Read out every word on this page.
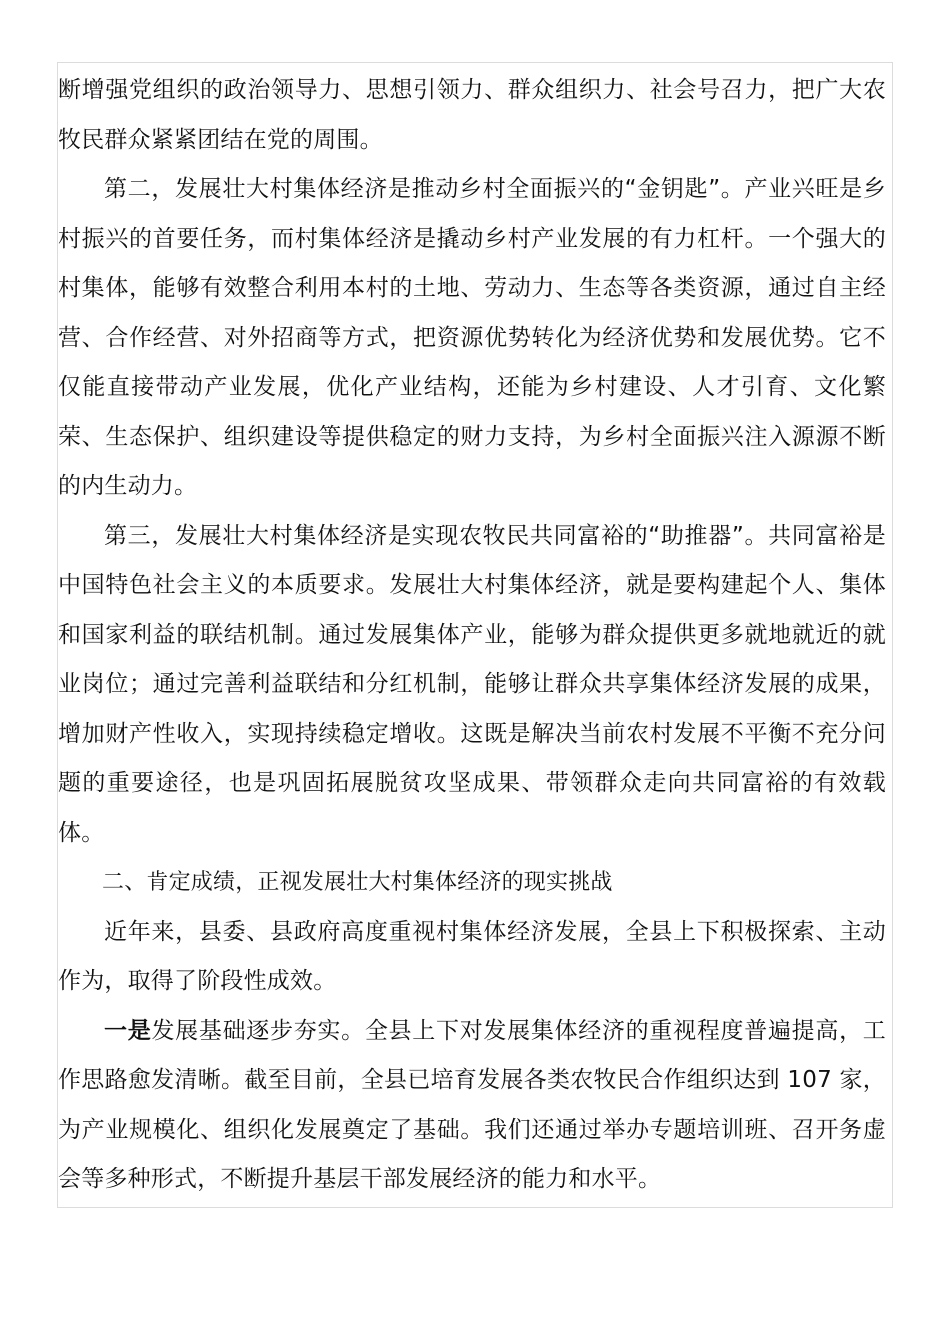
断增强党组织的政治领导力、思想引领力、群众组织力、社会号召力，把广大农牧民群众紧紧团结在党的周围。

第二，发展壮大村集体经济是推动乡村全面振兴的“金钥匙”。产业兴旺是乡村振兴的首要任务，而村集体经济是撬动乡村产业发展的有力杠杆。一个强大的村集体，能够有效整合利用本村的土地、劳动力、生态等各类资源，通过自主经营、合作经营、对外招商等方式，把资源优势转化为经济优势和发展优势。它不仅能直接带动产业发展，优化产业结构，还能为乡村建设、人才引育、文化繁荣、生态保护、组织建设等提供稳定的财力支持，为乡村全面振兴注入源源不断的内生动力。

第三，发展壮大村集体经济是实现农牧民共同富裕的“助推器”。共同富裕是中国特色社会主义的本质要求。发展壮大村集体经济，就是要构建起个人、集体和国家利益的联结机制。通过发展集体产业，能够为群众提供更多就地就近的就业岗位；通过完善利益联结和分红机制，能够让群众共享集体经济发展的成果，增加财产性收入，实现持续稳定增收。这既是解决当前农村发展不平衡不充分问题的重要途径，也是巩固拓展脱贫攻坚成果、带领群众走向共同富裕的有效载体。

二、肯定成绩，正视发展壮大村集体经济的现实挑战

近年来，县委、县政府高度重视村集体经济发展，全县上下积极探索、主动作为，取得了阶段性成效。

一是发展基础逐步夯实。全县上下对发展集体经济的重视程度普遍提高，工作思路愈发清晰。截至目前，全县已培育发展各类农牧民合作组织达到 107 家，为产业规模化、组织化发展奠定了基础。我们还通过举办专题培训班、召开务虚会等多种形式，不断提升基层干部发展经济的能力和水平。
